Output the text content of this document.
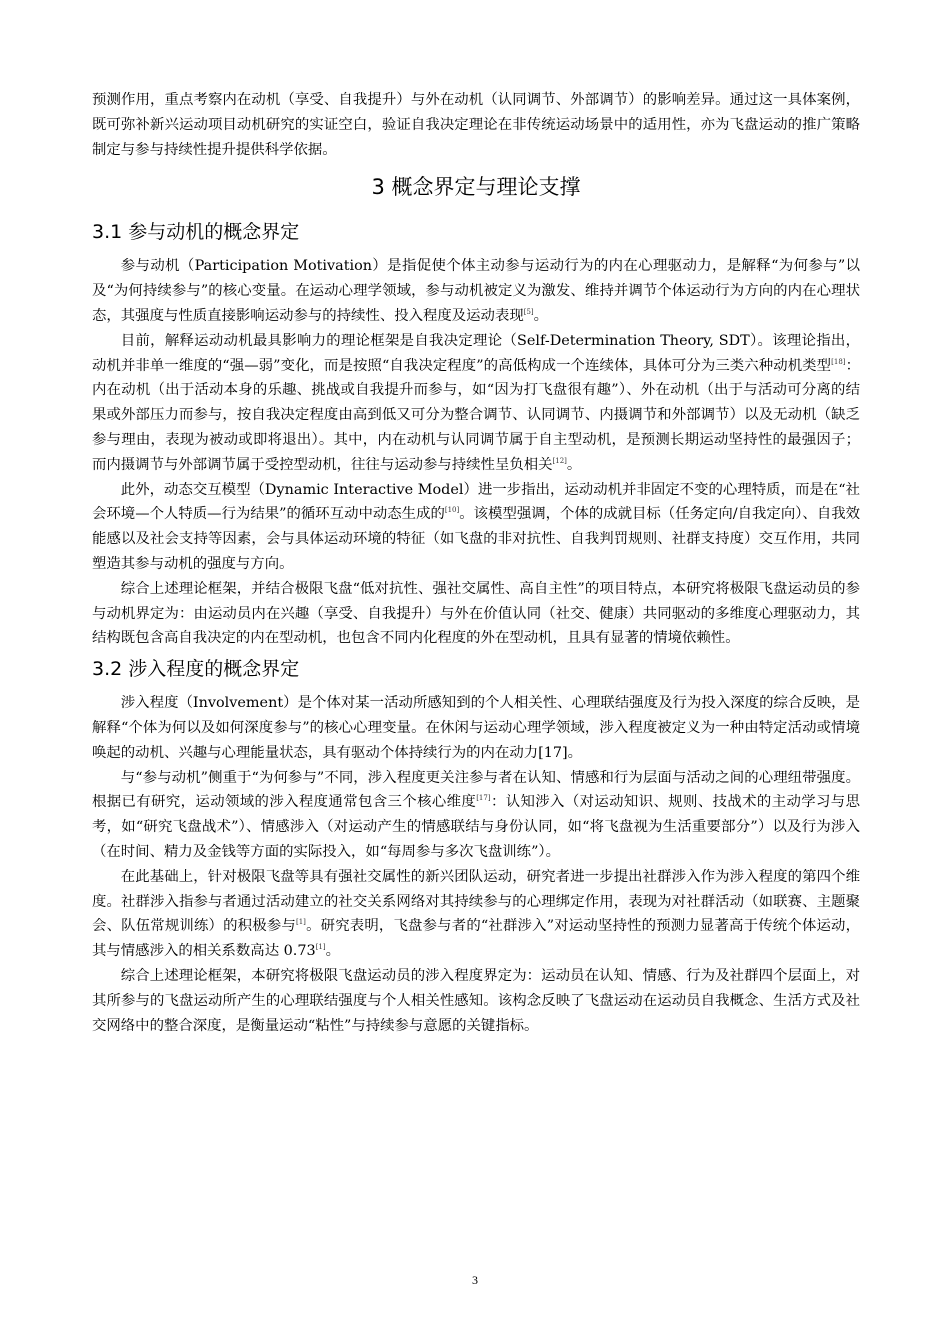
预测作用，重点考察内在动机（享受、自我提升）与外在动机（认同调节、外部调节）的影响差异。通过这一具体案例，既可弥补新兴运动项目动机研究的实证空白，验证自我决定理论在非传统运动场景中的适用性，亦为飞盘运动的推广策略制定与参与持续性提升提供科学依据。

3 概念界定与理论支撑
3.1 参与动机的概念界定

参与动机（Participation Motivation）是指促使个体主动参与运动行为的内在心理驱动力，是解释“为何参与”以及“为何持续参与”的核心变量。在运动心理学领域，参与动机被定义为激发、维持并调节个体运动行为方向的内在心理状态，其强度与性质直接影响运动参与的持续性、投入程度及运动表现[5]。

目前，解释运动动机最具影响力的理论框架是自我决定理论（Self-Determination Theory, SDT）。该理论指出，动机并非单一维度的“强—弱”变化，而是按照“自我决定程度”的高低构成一个连续体，具体可分为三类六种动机类型[18]：内在动机（出于活动本身的乐趣、挑战或自我提升而参与，如“因为打飞盘很有趣”）、外在动机（出于与活动可分离的结果或外部压力而参与，按自我决定程度由高到低又可分为整合调节、认同调节、内摄调节和外部调节）以及无动机（缺乏参与理由，表现为被动或即将退出）。其中，内在动机与认同调节属于自主型动机，是预测长期运动坚持性的最强因子；而内摄调节与外部调节属于受控型动机，往往与运动参与持续性呈负相关[12]。

此外，动态交互模型（Dynamic Interactive Model）进一步指出，运动动机并非固定不变的心理特质，而是在“社会环境—个人特质—行为结果”的循环互动中动态生成的[10]。该模型强调，个体的成就目标（任务定向/自我定向）、自我效能感以及社会支持等因素，会与具体运动环境的特征（如飞盘的非对抗性、自我判罚规则、社群支持度）交互作用，共同塑造其参与动机的强度与方向。

综合上述理论框架，并结合极限飞盘“低对抗性、强社交属性、高自主性”的项目特点，本研究将极限飞盘运动员的参与动机界定为：由运动员内在兴趣（享受、自我提升）与外在价值认同（社交、健康）共同驱动的多维度心理驱动力，其结构既包含高自我决定的内在型动机，也包含不同内化程度的外在型动机，且具有显著的情境依赖性。

3.2 涉入程度的概念界定

涉入程度（Involvement）是个体对某一活动所感知到的个人相关性、心理联结强度及行为投入深度的综合反映，是解释“个体为何以及如何深度参与”的核心心理变量。在休闲与运动心理学领域，涉入程度被定义为一种由特定活动或情境唤起的动机、兴趣与心理能量状态，具有驱动个体持续行为的内在动力[17]。

与“参与动机”侧重于“为何参与”不同，涉入程度更关注参与者在认知、情感和行为层面与活动之间的心理纽带强度。根据已有研究，运动领域的涉入程度通常包含三个核心维度[17]：认知涉入（对运动知识、规则、技战术的主动学习与思考，如“研究飞盘战术”）、情感涉入（对运动产生的情感联结与身份认同，如“将飞盘视为生活重要部分”）以及行为涉入（在时间、精力及金钱等方面的实际投入，如“每周参与多次飞盘训练”）。

在此基础上，针对极限飞盘等具有强社交属性的新兴团队运动，研究者进一步提出社群涉入作为涉入程度的第四个维度。社群涉入指参与者通过活动建立的社交关系网络对其持续参与的心理绑定作用，表现为对社群活动（如联赛、主题聚会、队伍常规训练）的积极参与[1]。研究表明，飞盘参与者的“社群涉入”对运动坚持性的预测力显著高于传统个体运动，其与情感涉入的相关系数高达 0.73[1]。

综合上述理论框架，本研究将极限飞盘运动员的涉入程度界定为：运动员在认知、情感、行为及社群四个层面上，对其所参与的飞盘运动所产生的心理联结强度与个人相关性感知。该构念反映了飞盘运动在运动员自我概念、生活方式及社交网络中的整合深度，是衡量运动“粘性”与持续参与意愿的关键指标。

3
